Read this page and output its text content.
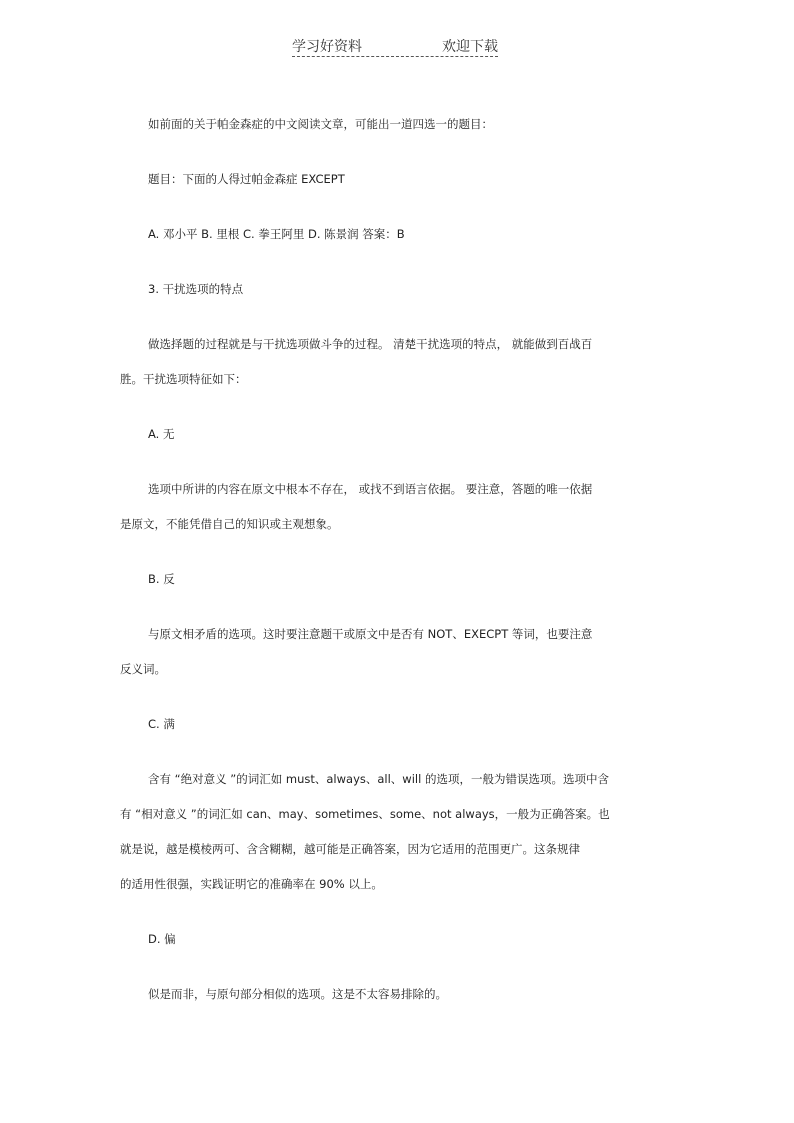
学习好资料	欢迎下载
如前面的关于帕金森症的中文阅读文章，可能出一道四选一的题目：
题目：下面的人得过帕金森症 EXCEPT
A. 邓小平 B. 里根 C. 拳王阿里 D. 陈景润 答案：B
3. 干扰选项的特点
做选择题的过程就是与干扰选项做斗争的过程。 清楚干扰选项的特点， 就能做到百战百
胜。干扰选项特征如下：
A. 无
选项中所讲的内容在原文中根本不存在， 或找不到语言依据。 要注意，答题的唯一依据
是原文，不能凭借自己的知识或主观想象。
B. 反
与原文相矛盾的选项。这时要注意题干或原文中是否有 NOT、EXECPT 等词，也要注意
反义词。
C. 满
含有 “绝对意义 ”的词汇如 must、always、all、will 的选项，一般为错误选项。选项中含
有 “相对意义 ”的词汇如 can、may、sometimes、some、not always，一般为正确答案。也
就是说，越是模棱两可、含含糊糊，越可能是正确答案，因为它适用的范围更广。这条规律
的适用性很强，实践证明它的准确率在 90% 以上。
D. 偏
似是而非，与原句部分相似的选项。这是不太容易排除的。
